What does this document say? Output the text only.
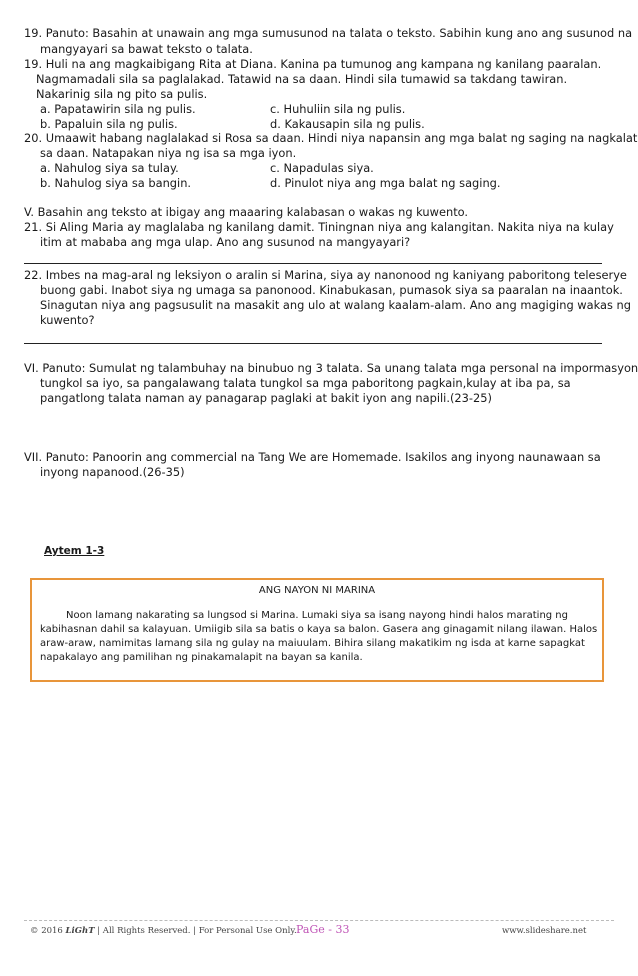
19. Panuto: Basahin at unawain ang mga sumusunod na talata o teksto. Sabihin kung ano ang susunod na
mangyayari sa bawat teksto o talata.
19. Huli na ang magkaibigang Rita at Diana. Kanina pa tumunog ang kampana ng kanilang paaralan.
Nagmamadali sila sa paglalakad. Tatawid na sa daan. Hindi sila tumawid sa takdang tawiran.
Nakarinig sila ng pito sa pulis.
a. Papatawirin sila ng pulis.	c. Huhuliin sila ng pulis.
b. Papaluin sila ng pulis.	d. Kakausapin sila ng pulis.
20. Umaawit habang naglalakad si Rosa sa daan. Hindi niya napansin ang mga balat ng saging na nagkalat
sa daan. Natapakan niya ng isa sa mga iyon.
a. Nahulog siya sa tulay.	c. Napadulas siya.
b. Nahulog siya sa bangin.	d. Pinulot niya ang mga balat ng saging.
V. Basahin ang teksto at ibigay ang maaaring kalabasan o wakas ng kuwento.
21. Si Aling Maria ay maglalaba ng kanilang damit. Tiningnan niya ang kalangitan. Nakita niya na kulay
itim at mababa ang mga ulap. Ano ang susunod na mangyayari?
22. Imbes na mag-aral ng leksiyon o aralin si Marina, siya ay nanonood ng kaniyang paboritong teleserye
buong gabi. Inabot siya ng umaga sa panonood. Kinabukasan, pumasok siya sa paaralan na inaantok.
Sinagutan niya ang pagsusulit na masakit ang ulo at walang kaalam-alam. Ano ang magiging wakas ng
kuwento?
VI. Panuto: Sumulat ng talambuhay na binubuo ng 3 talata. Sa unang talata mga personal na impormasyon
tungkol sa iyo, sa pangalawang talata tungkol sa mga paboritong pagkain,kulay at iba pa, sa
pangatlong talata naman ay panagarap paglaki at bakit iyon ang napili.(23-25)
VII. Panuto: Panoorin ang commercial na Tang We are Homemade. Isakilos ang inyong naunawaan sa
inyong napanood.(26-35)
Aytem 1-3
ANG NAYON NI MARINA
Noon lamang nakarating sa lungsod si Marina. Lumaki siya sa isang nayong hindi halos marating ng
kabihasnan dahil sa kalayuan. Umiigib sila sa batis o kaya sa balon. Gasera ang ginagamit nilang ilawan. Halos
araw-araw, namimitas lamang sila ng gulay na maiuulam. Bihira silang makatikim ng isda at karne sapagkat
napakalayo ang pamilihan ng pinakamalapit na bayan sa kanila.
© 2016 LiGhT | All Rights Reserved. | For Personal Use Only. PaGe - 33	www.slideshare.net
